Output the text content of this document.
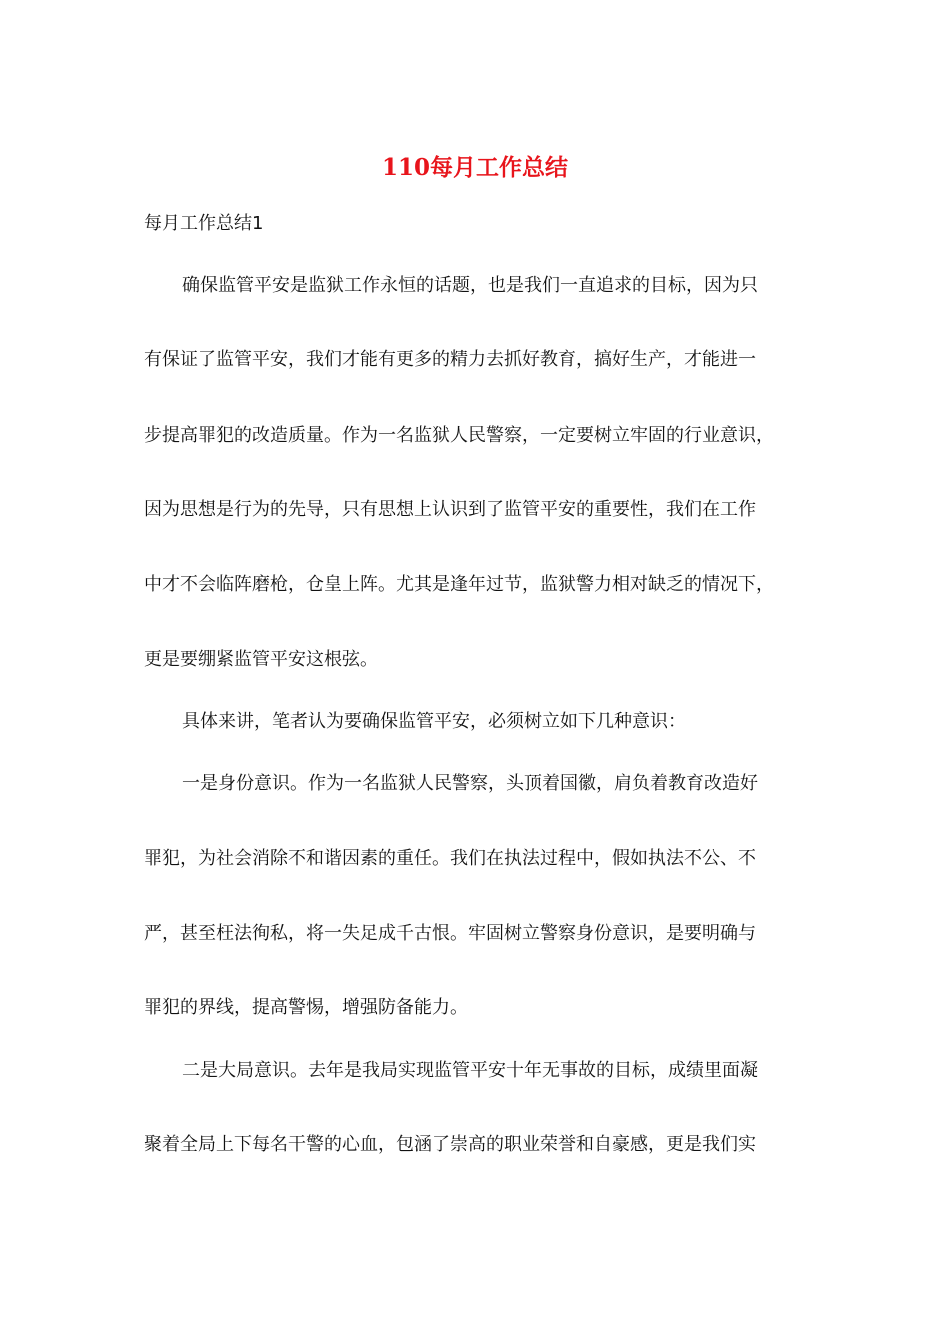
110每月工作总结

每月工作总结1

确保监管平安是监狱工作永恒的话题，也是我们一直追求的目标，因为只

有保证了监管平安，我们才能有更多的精力去抓好教育，搞好生产，才能进一

步提高罪犯的改造质量。作为一名监狱人民警察，一定要树立牢固的行业意识，

因为思想是行为的先导，只有思想上认识到了监管平安的重要性，我们在工作

中才不会临阵磨枪，仓皇上阵。尤其是逢年过节，监狱警力相对缺乏的情况下，

更是要绷紧监管平安这根弦。

具体来讲，笔者认为要确保监管平安，必须树立如下几种意识：

一是身份意识。作为一名监狱人民警察，头顶着国徽，肩负着教育改造好

罪犯，为社会消除不和谐因素的重任。我们在执法过程中，假如执法不公、不

严，甚至枉法徇私，将一失足成千古恨。牢固树立警察身份意识，是要明确与

罪犯的界线，提高警惕，增强防备能力。

二是大局意识。去年是我局实现监管平安十年无事故的目标，成绩里面凝

聚着全局上下每名干警的心血，包涵了崇高的职业荣誉和自豪感，更是我们实
